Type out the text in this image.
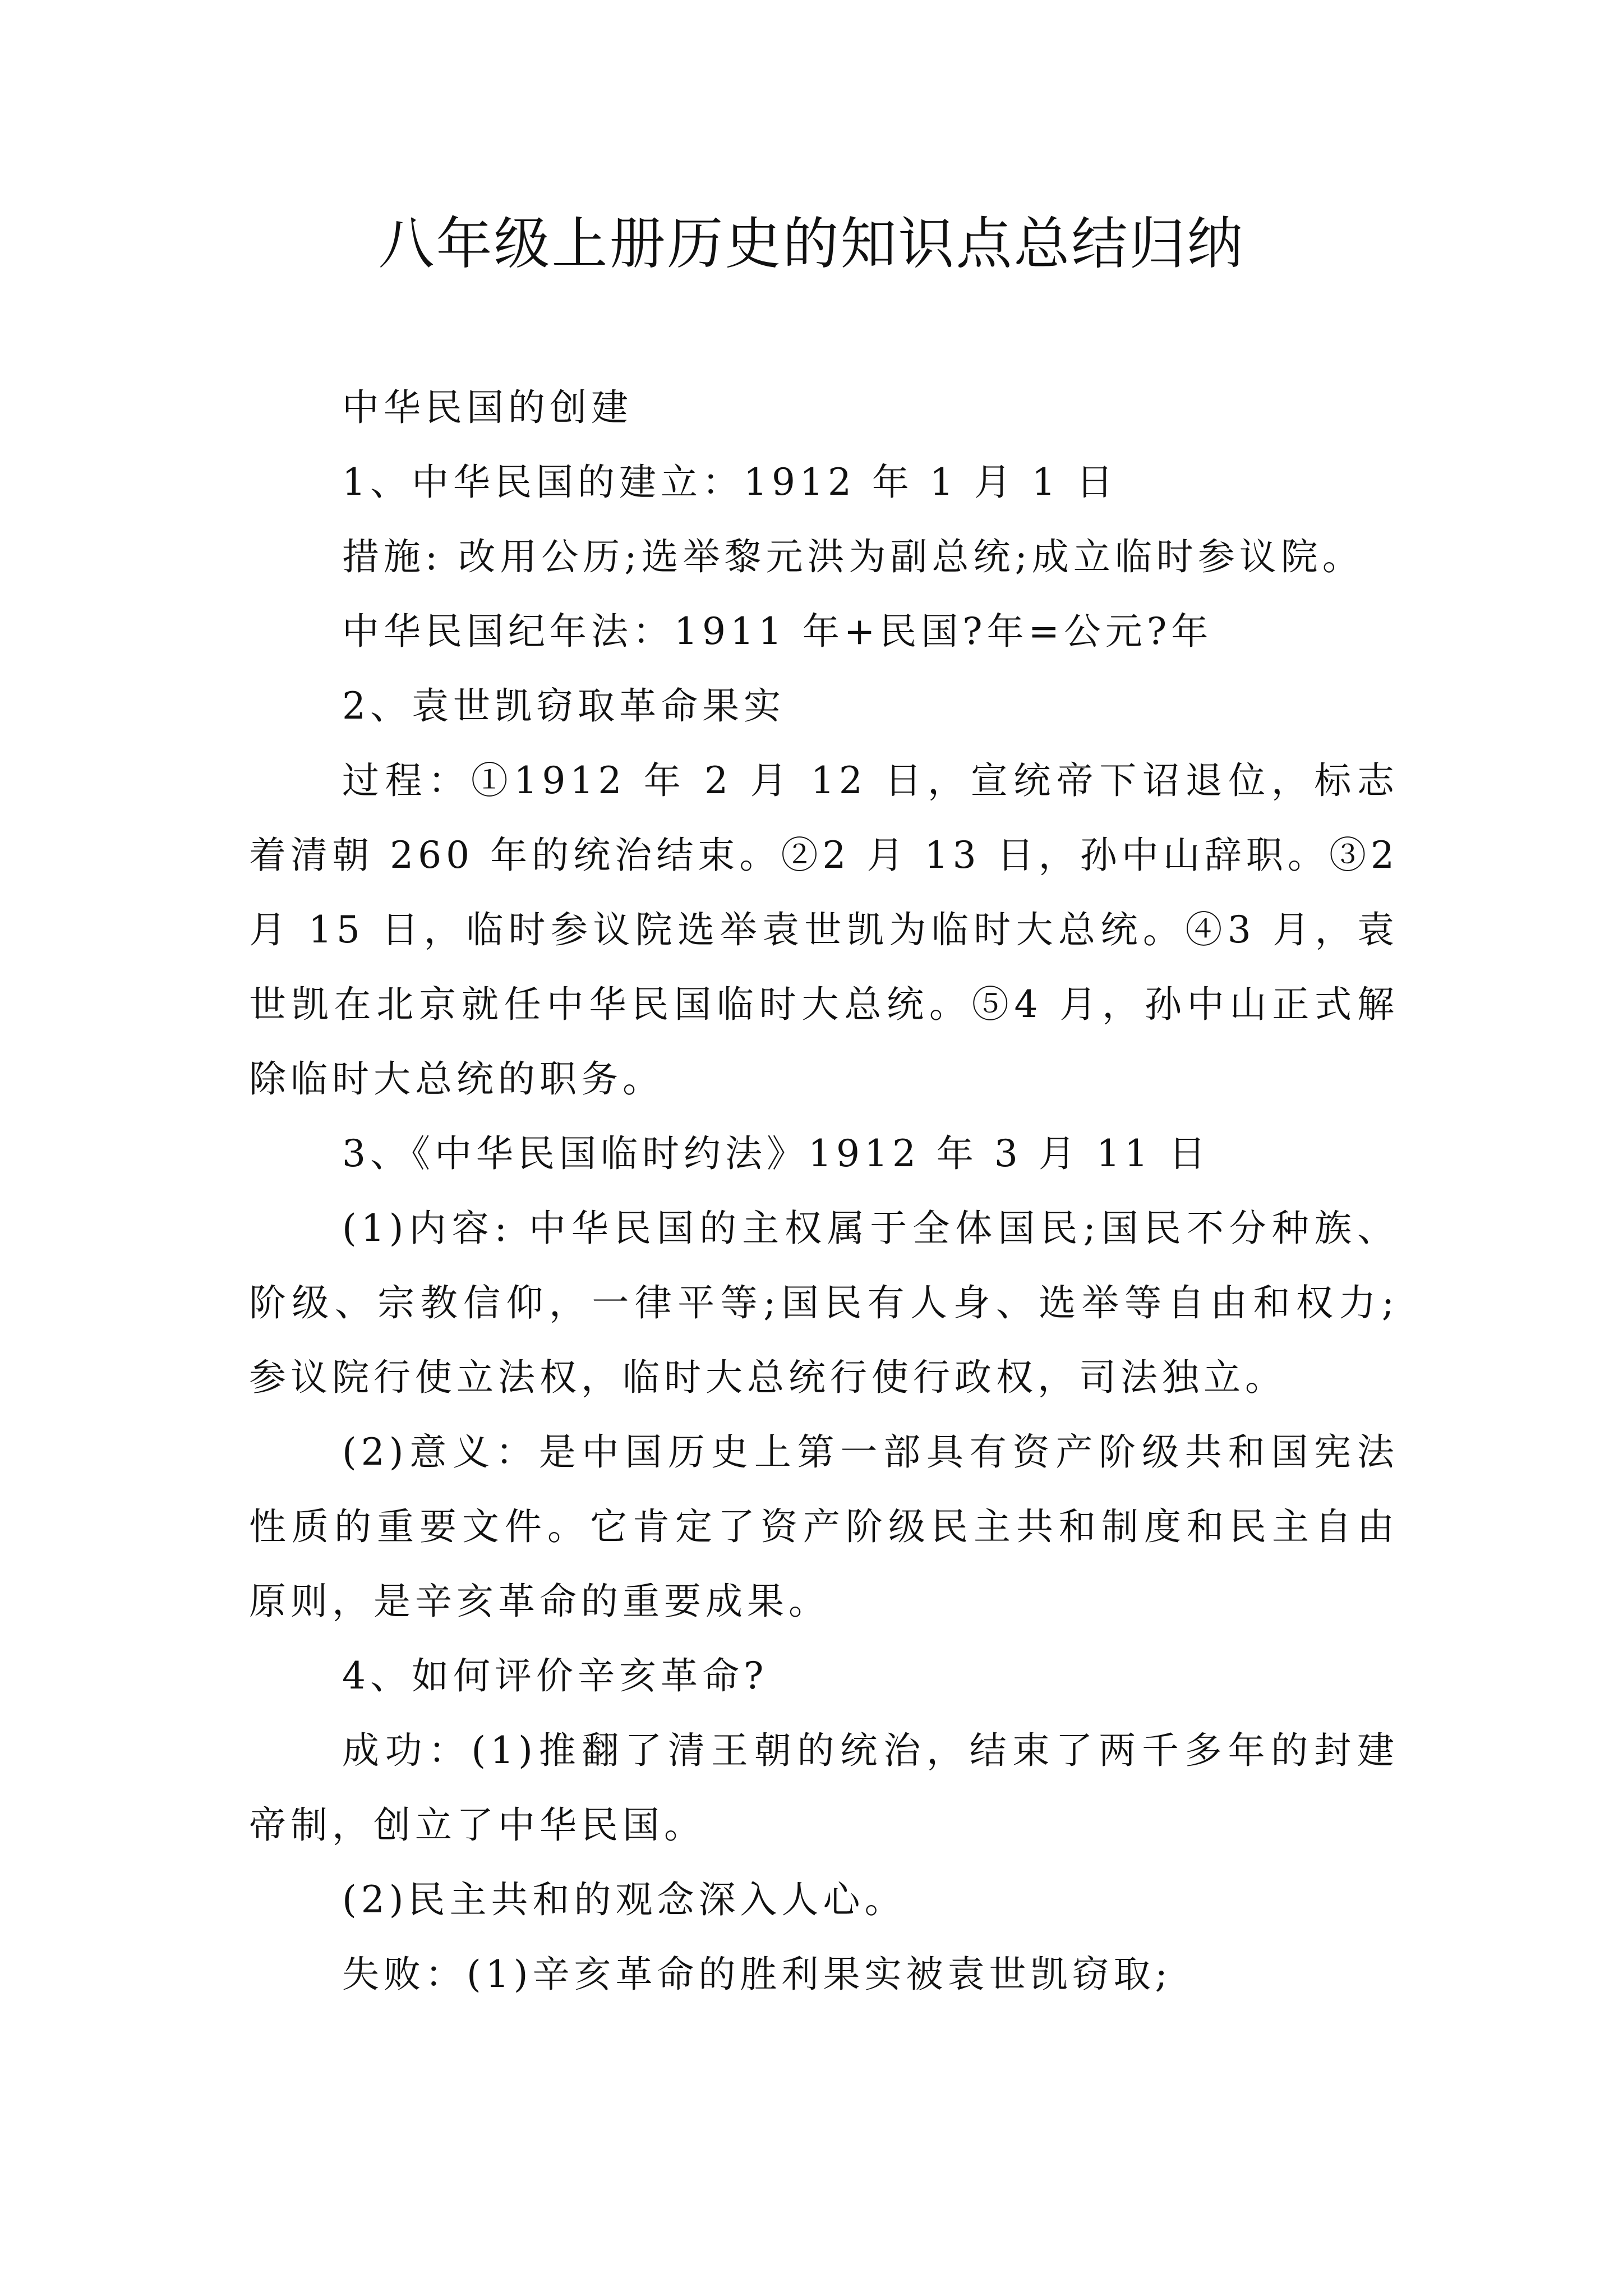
八年级上册历史的知识点总结归纳

中华民国的创建

1、中华民国的建立：1912 年 1 月 1 日

措施: 改用公历;选举黎元洪为副总统;成立临时参议院。

中华民国纪年法：1911 年+民国?年=公元?年

2、袁世凯窃取革命果实

过程：①1912 年 2 月 12 日，宣统帝下诏退位，标志着清朝 260 年的统治结束。②2 月 13 日，孙中山辞职。③2 月 15 日，临时参议院选举袁世凯为临时大总统。④3 月，袁世凯在北京就任中华民国临时大总统。⑤4 月，孙中山正式解除临时大总统的职务。

3、《中华民国临时约法》1912 年 3 月 11 日

(1)内容: 中华民国的主权属于全体国民;国民不分种族、阶级、宗教信仰，一律平等;国民有人身、选举等自由和权力;参议院行使立法权，临时大总统行使行政权，司法独立。

(2)意义：是中国历史上第一部具有资产阶级共和国宪法性质的重要文件。它肯定了资产阶级民主共和制度和民主自由原则，是辛亥革命的重要成果。

4、如何评价辛亥革命?

成功：(1)推翻了清王朝的统治，结束了两千多年的封建帝制，创立了中华民国。

(2)民主共和的观念深入人心。

失败：(1)辛亥革命的胜利果实被袁世凯窃取;
